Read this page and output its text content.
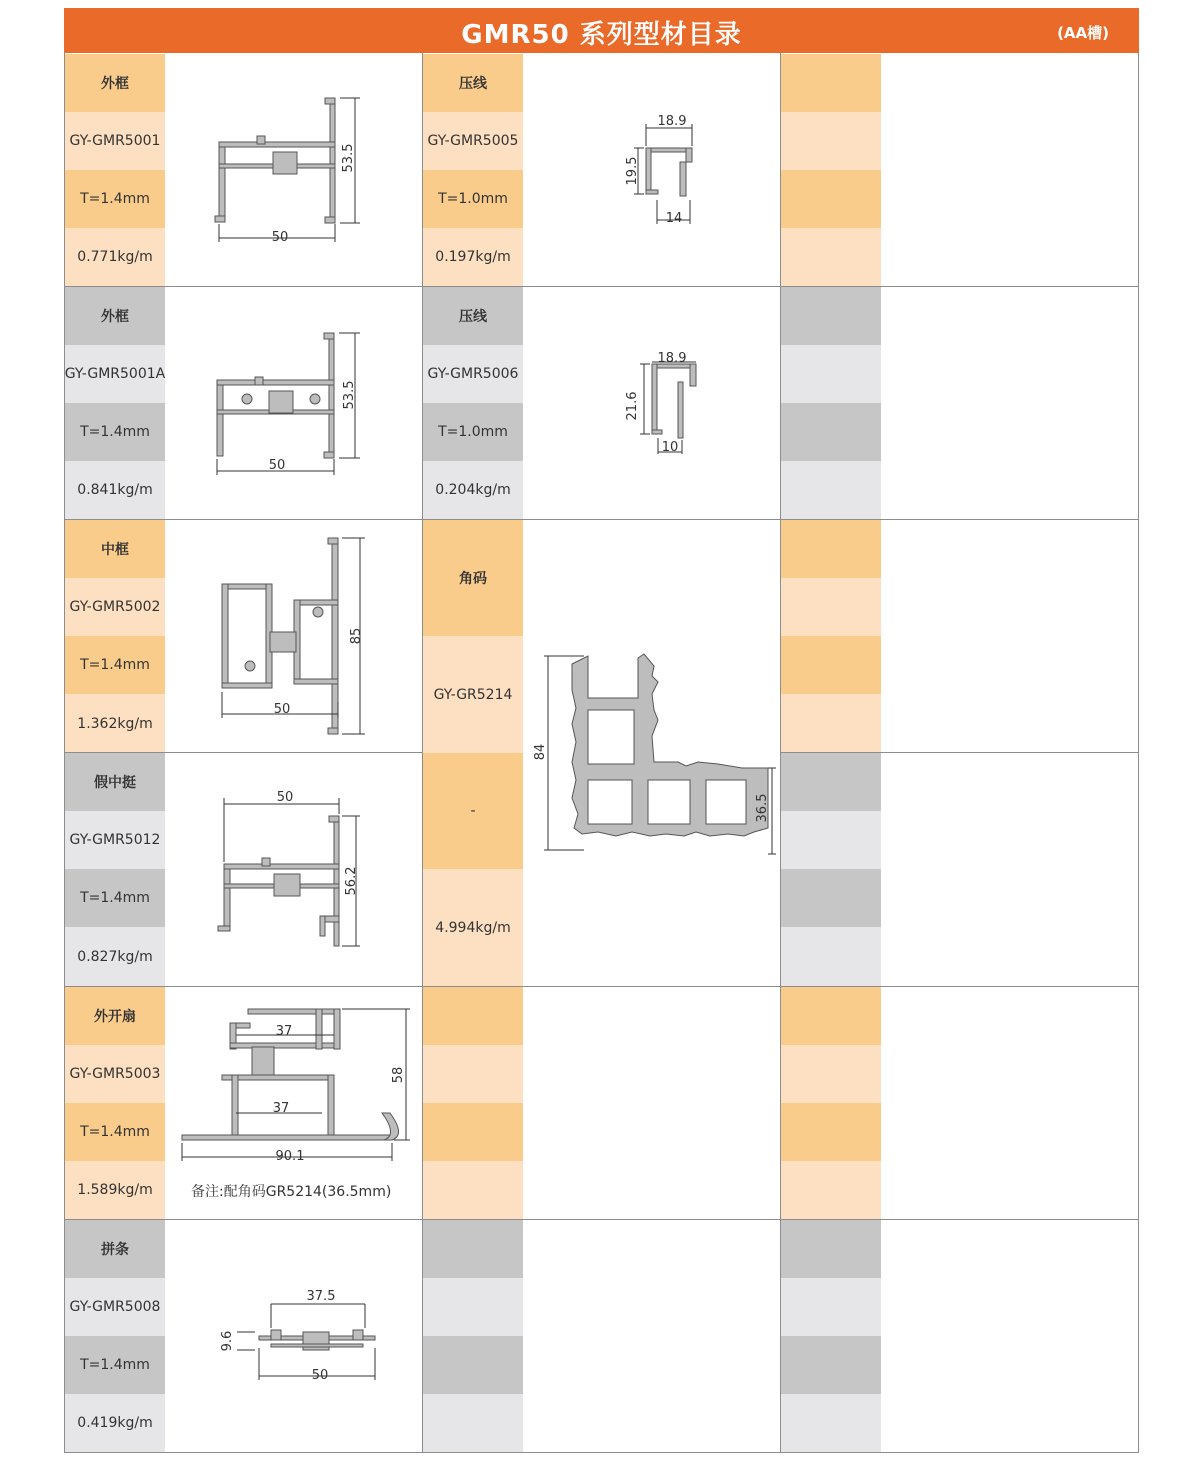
GMR50 系列型材目录	(AA槽)
外框
GY-GMR5001
T=1.4mm
0.771kg/m
外框
GY-GMR5001A
T=1.4mm
0.841kg/m
中框
GY-GMR5002
T=1.4mm
1.362kg/m
假中挺
GY-GMR5012
T=1.4mm
0.827kg/m
外开扇
GY-GMR5003
T=1.4mm
1.589kg/m
拼条
GY-GMR5008
T=1.4mm
0.419kg/m
压线
GY-GMR5005
T=1.0mm
0.197kg/m
压线
GY-GMR5006
T=1.0mm
0.204kg/m
角码
GY-GR5214
-
4.994kg/m
50
53.5
50
53.5
50
85
50
56.2
37
37
90.1
58
备注:配角码GR5214(36.5mm)
37.5
50
9.6
18.9
19.5
14
18.9
21.6
10
84
36.5
